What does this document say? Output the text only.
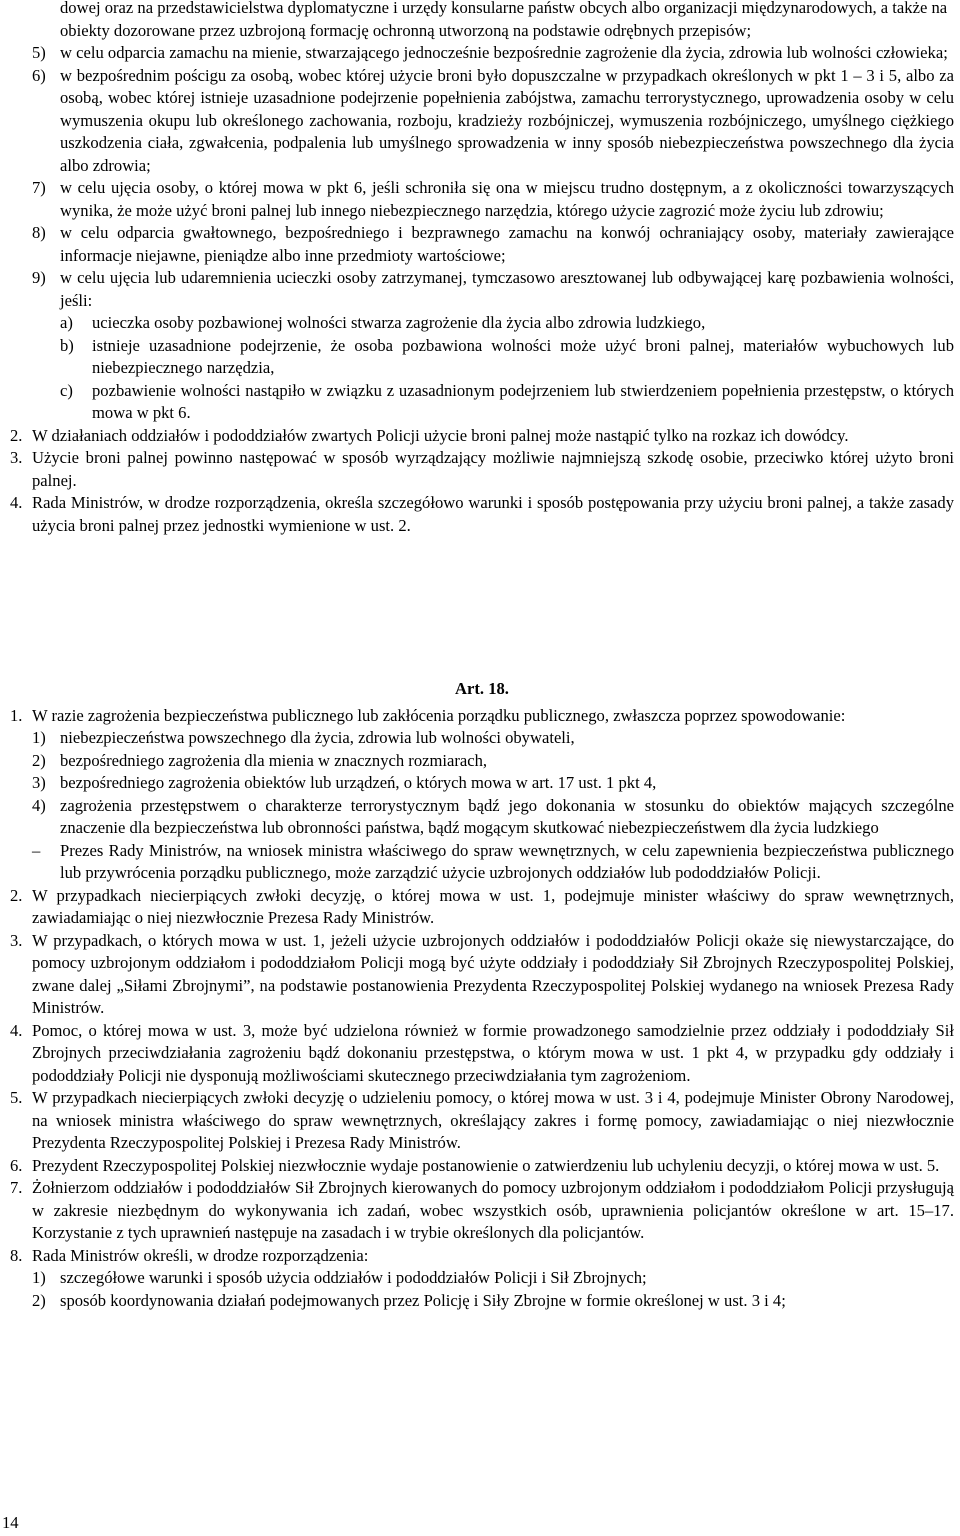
dowej oraz na przedstawicielstwa dyplomatyczne i urzędy konsularne państw obcych albo organizacji międzynarodowych, a także na obiekty dozorowane przez uzbrojoną formację ochronną utworzoną na podstawie odrębnych przepisów;
5) w celu odparcia zamachu na mienie, stwarzającego jednocześnie bezpośrednie zagrożenie dla życia, zdrowia lub wolności człowieka;
6) w bezpośrednim pościgu za osobą, wobec której użycie broni było dopuszczalne w przypadkach określonych w pkt 1 – 3 i 5, albo za osobą, wobec której istnieje uzasadnione podejrzenie popełnienia zabójstwa, zamachu terrorystycznego, uprowadzenia osoby w celu wymuszenia okupu lub określonego zachowania, rozboju, kradzieży rozbójniczej, wymuszenia rozbójniczego, umyślnego ciężkiego uszkodzenia ciała, zgwałcenia, podpalenia lub umyślnego sprowadzenia w inny sposób niebezpieczeństwa powszechnego dla życia albo zdrowia;
7) w celu ujęcia osoby, o której mowa w pkt 6, jeśli schroniła się ona w miejscu trudno dostępnym, a z okoliczności towarzyszących wynika, że może użyć broni palnej lub innego niebezpiecznego narzędzia, którego użycie zagrozić może życiu lub zdrowiu;
8) w celu odparcia gwałtownego, bezpośredniego i bezprawnego zamachu na konwój ochraniający osoby, materiały zawierające informacje niejawne, pieniądze albo inne przedmioty wartościowe;
9) w celu ujęcia lub udaremnienia ucieczki osoby zatrzymanej, tymczasowo aresztowanej lub odbywającej karę pozbawienia wolności, jeśli:
a)	ucieczka osoby pozbawionej wolności stwarza zagrożenie dla życia albo zdrowia ludzkiego,
b)	istnieje uzasadnione podejrzenie, że osoba pozbawiona wolności może użyć broni palnej, materiałów wybuchowych lub niebezpiecznego narzędzia,
c)	pozbawienie wolności nastąpiło w związku z uzasadnionym podejrzeniem lub stwierdzeniem popełnienia przestępstw, o których mowa w pkt 6.
2. W działaniach oddziałów i pododdziałów zwartych Policji użycie broni palnej może nastąpić tylko na rozkaz ich dowódcy.
3. Użycie broni palnej powinno następować w sposób wyrządzający możliwie najmniejszą szkodę osobie, przeciwko której użyto broni palnej.
4. Rada Ministrów, w drodze rozporządzenia, określa szczegółowo warunki i sposób postępowania przy użyciu broni palnej, a także zasady użycia broni palnej przez jednostki wymienione w ust. 2.
Art. 18.
1. W razie zagrożenia bezpieczeństwa publicznego lub zakłócenia porządku publicznego, zwłaszcza poprzez spowodowanie:
1) niebezpieczeństwa powszechnego dla życia, zdrowia lub wolności obywateli,
2) bezpośredniego zagrożenia dla mienia w znacznych rozmiarach,
3) bezpośredniego zagrożenia obiektów lub urządzeń, o których mowa w art. 17 ust. 1 pkt 4,
4) zagrożenia przestępstwem o charakterze terrorystycznym bądź jego dokonania w stosunku do obiektów mających szczególne znaczenie dla bezpieczeństwa lub obronności państwa, bądź mogącym skutkować niebezpieczeństwem dla życia ludzkiego
–	Prezes Rady Ministrów, na wniosek ministra właściwego do spraw wewnętrznych, w celu zapewnienia bezpieczeństwa publicznego lub przywrócenia porządku publicznego, może zarządzić użycie uzbrojonych oddziałów lub pododdziałów Policji.
2. W przypadkach niecierpiących zwłoki decyzję, o której mowa w ust. 1, podejmuje minister właściwy do spraw wewnętrznych, zawiadamiając o niej niezwłocznie Prezesa Rady Ministrów.
3. W przypadkach, o których mowa w ust. 1, jeżeli użycie uzbrojonych oddziałów i pododdziałów Policji okaże się niewystarczające, do pomocy uzbrojonym oddziałom i pododdziałom Policji mogą być użyte oddziały i pododdziały Sił Zbrojnych Rzeczypospolitej Polskiej, zwane dalej „Siłami Zbrojnymi”, na podstawie postanowienia Prezydenta Rzeczypospolitej Polskiej wydanego na wniosek Prezesa Rady Ministrów.
4. Pomoc, o której mowa w ust. 3, może być udzielona również w formie prowadzonego samodzielnie przez oddziały i pododdziały Sił Zbrojnych przeciwdziałania zagrożeniu bądź dokonaniu przestępstwa, o którym mowa w ust. 1 pkt 4, w przypadku gdy oddziały i pododdziały Policji nie dysponują możliwościami skutecznego przeciwdziałania tym zagrożeniom.
5. W przypadkach niecierpiących zwłoki decyzję o udzieleniu pomocy, o której mowa w ust. 3 i 4, podejmuje Minister Obrony Narodowej, na wniosek ministra właściwego do spraw wewnętrznych, określający zakres i formę pomocy, zawiadamiając o niej niezwłocznie Prezydenta Rzeczypospolitej Polskiej i Prezesa Rady Ministrów.
6. Prezydent Rzeczypospolitej Polskiej niezwłocznie wydaje postanowienie o zatwierdzeniu lub uchyleniu decyzji, o której mowa w ust. 5.
7. Żołnierzom oddziałów i pododdziałów Sił Zbrojnych kierowanych do pomocy uzbrojonym oddziałom i pododdziałom Policji przysługują w zakresie niezbędnym do wykonywania ich zadań, wobec wszystkich osób, uprawnienia policjantów określone w art. 15–17. Korzystanie z tych uprawnień następuje na zasadach i w trybie określonych dla policjantów.
8. Rada Ministrów określi, w drodze rozporządzenia:
1) szczegółowe warunki i sposób użycia oddziałów i pododdziałów Policji i Sił Zbrojnych;
2) sposób koordynowania działań podejmowanych przez Policję i Siły Zbrojne w formie określonej w ust. 3 i 4;
14
